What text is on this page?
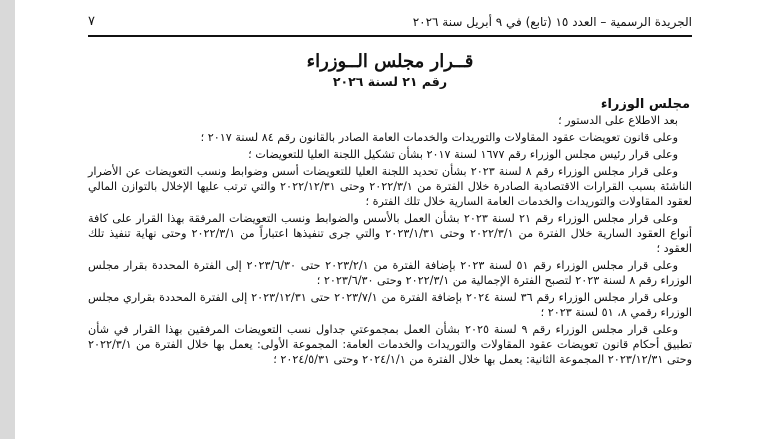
الجريدة الرسمية – العدد ١٥ (تابع) في ٩ أبريل سنة ٢٠٢٦
٧
قــرار مجلس الــوزراء
رقم ٢١ لسنة ٢٠٢٦
مجلس الوزراء

بعد الاطلاع على الدستور ؛

وعلى قانون تعويضات عقود المقاولات والتوريدات والخدمات العامة الصادر بالقانون رقم ٨٤ لسنة ٢٠١٧ ؛

وعلى قرار رئيس مجلس الوزراء رقم ١٦٧٧ لسنة ٢٠١٧ بشأن تشكيل اللجنة العليا للتعويضات ؛

وعلى قرار مجلس الوزراء رقم ٨ لسنة ٢٠٢٣ بشأن تحديد اللجنة العليا للتعويضات أسس وضوابط ونسب التعويضات عن الأضرار الناشئة بسبب القرارات الاقتصادية الصادرة خلال الفترة من ٢٠٢٢/٣/١ وحتى ٢٠٢٢/١٢/٣١ والتي ترتب عليها الإخلال بالتوازن المالي لعقود المقاولات والتوريدات والخدمات العامة السارية خلال تلك الفترة ؛

وعلى قرار مجلس الوزراء رقم ٢١ لسنة ٢٠٢٣ بشأن العمل بالأسس والضوابط ونسب التعويضات المرفقة بهذا القرار على كافة أنواع العقود السارية خلال الفترة من ٢٠٢٢/٣/١ وحتى ٢٠٢٣/١/٣١ والتي جرى تنفيذها اعتباراً من ٢٠٢٢/٣/١ وحتى نهاية تنفيذ تلك العقود ؛

وعلى قرار مجلس الوزراء رقم ٥١ لسنة ٢٠٢٣ بإضافة الفترة من ٢٠٢٣/٢/١ حتى ٢٠٢٣/٦/٣٠ إلى الفترة المحددة بقرار مجلس الوزراء رقم ٨ لسنة ٢٠٢٣ لتصبح الفترة الإجمالية من ٢٠٢٢/٣/١ وحتى ٢٠٢٣/٦/٣٠ ؛

وعلى قرار مجلس الوزراء رقم ٣٦ لسنة ٢٠٢٤ بإضافة الفترة من ٢٠٢٣/٧/١ حتى ٢٠٢٣/١٢/٣١ إلى الفترة المحددة بقراري مجلس الوزراء رقمي ٨، ٥١ لسنة ٢٠٢٣ ؛

وعلى قرار مجلس الوزراء رقم ٩ لسنة ٢٠٢٥ بشأن العمل بمجموعتي جداول نسب التعويضات المرفقين بهذا القرار في شأن تطبيق أحكام قانون تعويضات عقود المقاولات والتوريدات والخدمات العامة: المجموعة الأولى: يعمل بها خلال الفترة من ٢٠٢٢/٣/١ وحتى ٢٠٢٣/١٢/٣١ المجموعة الثانية: يعمل بها خلال الفترة من ٢٠٢٤/١/١ وحتى ٢٠٢٤/٥/٣١ ؛
